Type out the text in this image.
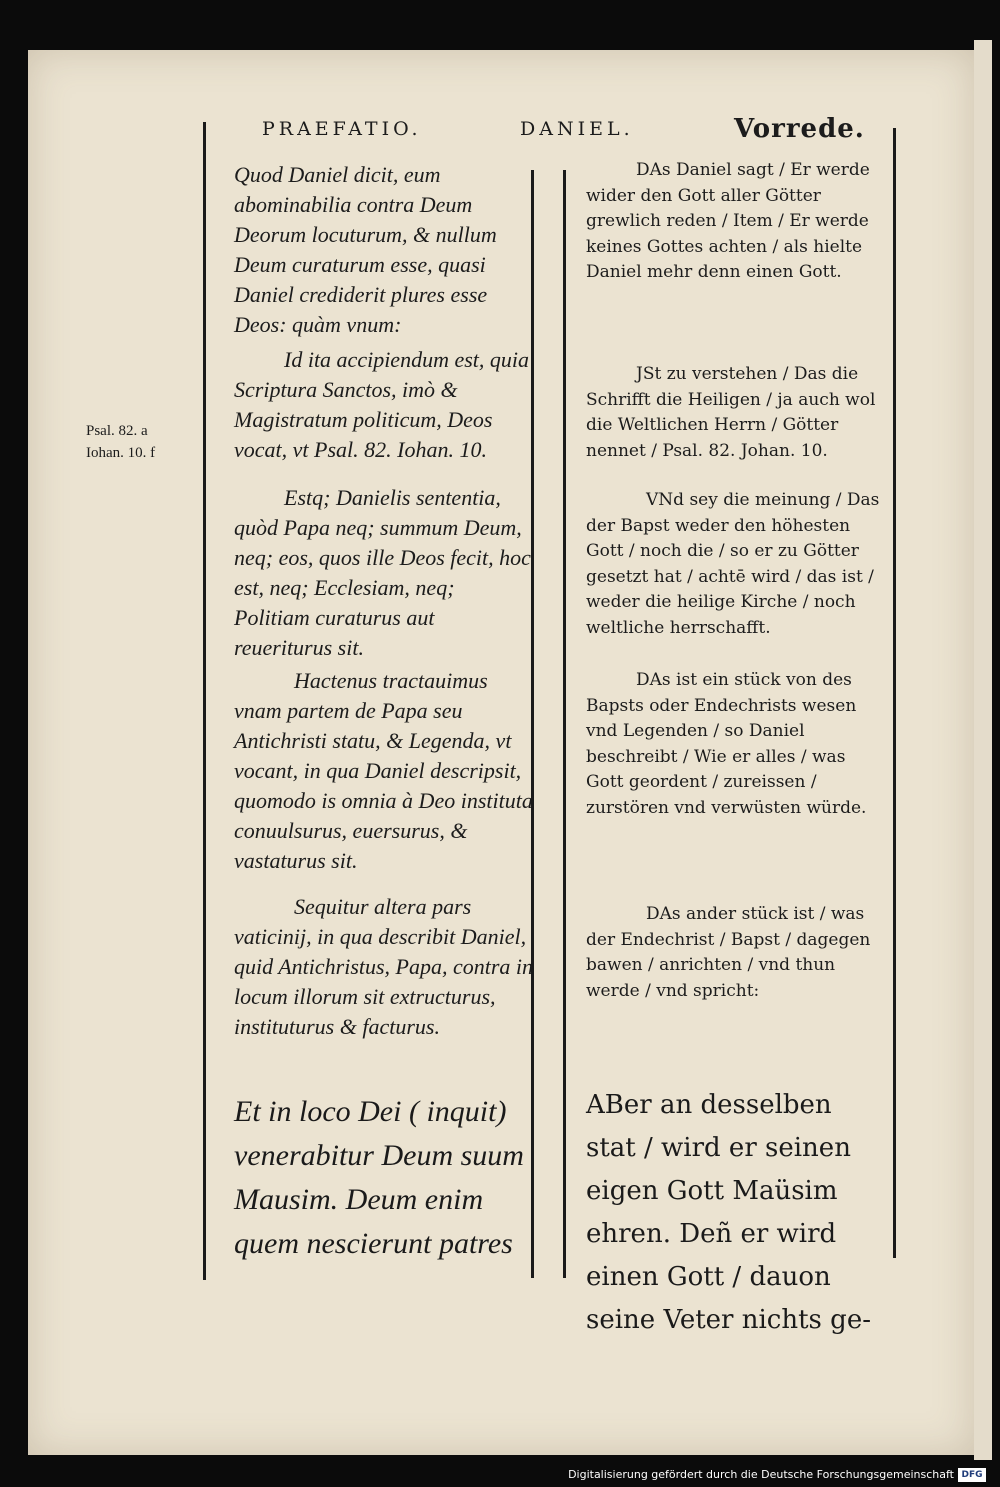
PRAEFATIO.	DANIEL.	Vorrede.
Psal. 82. a
Iohan. 10. f

Quod Daniel dicit, eum abominabilia contra Deum Deorum locuturum, & nullum Deum curaturum esse, quasi Daniel crediderit plures esse Deos: quàm vnum:

Id ita accipiendum est, quia Scriptura Sanctos, imò & Magistratum politicum, Deos vocat, vt Psal. 82. Iohan. 10.

Estq; Danielis sententia, quòd Papa neq; summum Deum, neq; eos, quos ille Deos fecit, hoc est, neq; Ecclesiam, neq; Politiam curaturus aut reueriturus sit.

Hactenus tractauimus vnam partem de Papa seu Antichristi statu, & Legenda, vt vocant, in qua Daniel descripsit, quomodo is omnia à Deo instituta conuulsurus, euersurus, & vastaturus sit.

Sequitur altera pars vaticinij, in qua describit Daniel, quid Antichristus, Papa, contra in locum illorum sit extructurus, instituturus & facturus.

Et in loco Dei ( inquit) venerabitur Deum suum Mausim. Deum enim quem nescierunt patres

DAs Daniel sagt / Er werde wider den Gott aller Götter grewlich reden / Item / Er werde keines Gottes achten / als hielte Daniel mehr denn einen Gott.

JSt zu verstehen / Das die Schrifft die Heiligen / ja auch wol die Weltlichen Herrn / Götter nennet / Psal. 82. Johan. 10.

VNd sey die meinung / Das der Bapst weder den höhesten Gott / noch die / so er zu Götter gesetzt hat / achtē wird / das ist / weder die heilige Kirche / noch weltliche herrschafft.

DAs ist ein stück von des Bapsts oder Endechrists wesen vnd Legenden / so Daniel beschreibt / Wie er alles / was Gott geordent / zureissen / zurstören vnd verwüsten würde.

DAs ander stück ist / was der Endechrist / Bapst / dagegen bawen / anrichten / vnd thun werde / vnd spricht:

ABer an desselben stat / wird er seinen eigen Gott Maüsim ehren. Deñ er wird einen Gott / dauon seine Veter nichts ge-
Digitalisierung gefördert durch die Deutsche Forschungsgemeinschaft DFG
